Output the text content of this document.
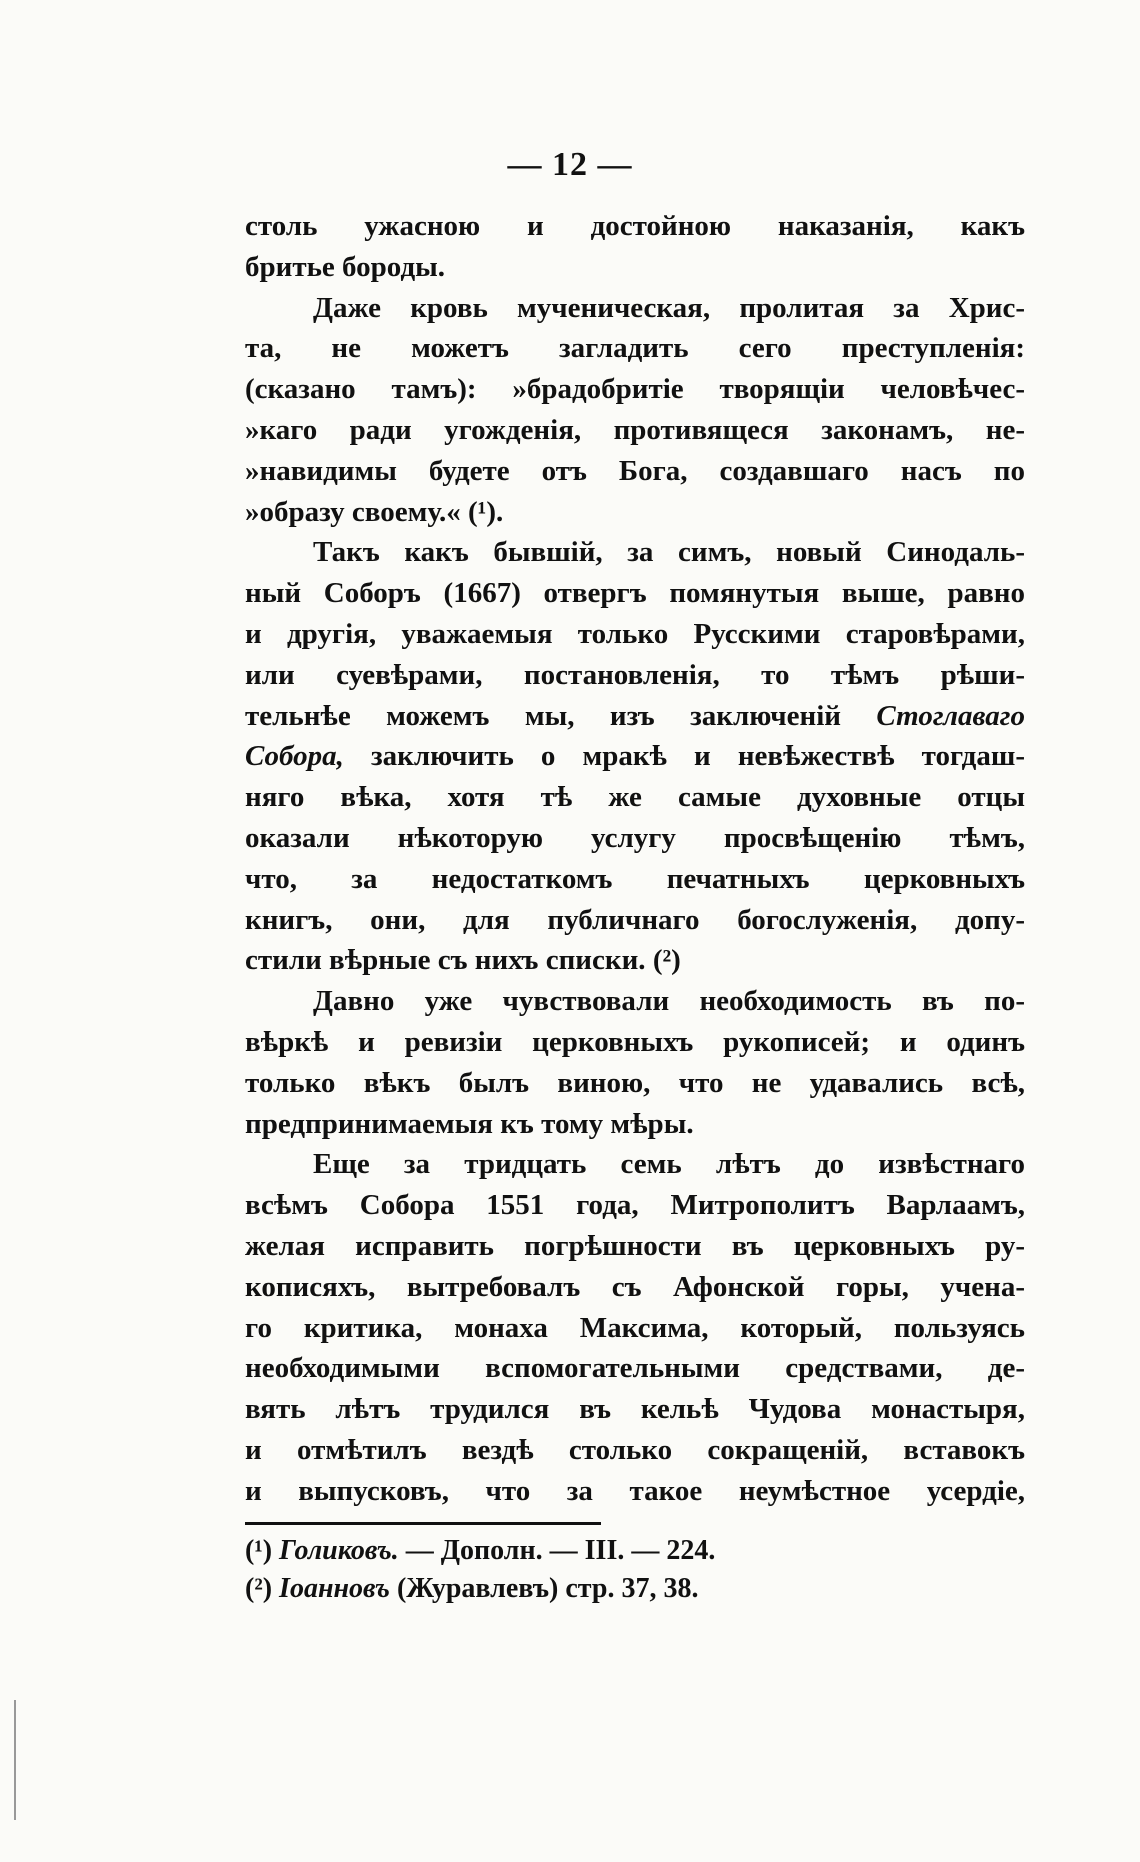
— 12 —
столь ужасною и достойною наказанія, какъ
бритье бороды.
Даже кровь мученическая, пролитая за Хрис-
та, не можетъ загладить сего преступленія:
(сказано тамъ): »брадобритіе творящіи человѣчес-
»каго ради угожденія, противящеся законамъ, не-
»навидимы будете отъ Бога, создавшаго насъ по
»образу своему.« (¹).
Такъ какъ бывшій, за симъ, новый Синодаль-
ный Соборъ (1667) отвергъ помянутыя выше, равно
и другія, уважаемыя только Русскими старовѣрами,
или суевѣрами, постановленія, то тѣмъ рѣши-
тельнѣе можемъ мы, изъ заключеній Стоглаваго
Собора, заключить о мракѣ и невѣжествѣ тогдаш-
няго вѣка, хотя тѣ же самые духовные отцы
оказали нѣкоторую услугу просвѣщенію тѣмъ,
что, за недостаткомъ печатныхъ церковныхъ
книгъ, они, для публичнаго богослуженія, допу-
стили вѣрные съ нихъ списки. (²)
Давно уже чувствовали необходимость въ по-
вѣркѣ и ревизіи церковныхъ рукописей; и одинъ
только вѣкъ былъ виною, что не удавались всѣ,
предпринимаемыя къ тому мѣры.
Еще за тридцать семь лѣтъ до извѣстнаго
всѣмъ Собора 1551 года, Митрополитъ Варлаамъ,
желая исправить погрѣшности въ церковныхъ ру-
кописяхъ, вытребовалъ съ Афонской горы, учена-
го критика, монаха Максима, который, пользуясь
необходимыми вспомогательными средствами, де-
вять лѣтъ трудился въ кельѣ Чудова монастыря,
и отмѣтилъ вездѣ столько сокращеній, вставокъ
и выпусковъ, что за такое неумѣстное усердіе,
(¹) Голиковъ. — Дополн. — III. — 224.
(²) Іоанновъ (Журавлевъ) стр. 37, 38.
